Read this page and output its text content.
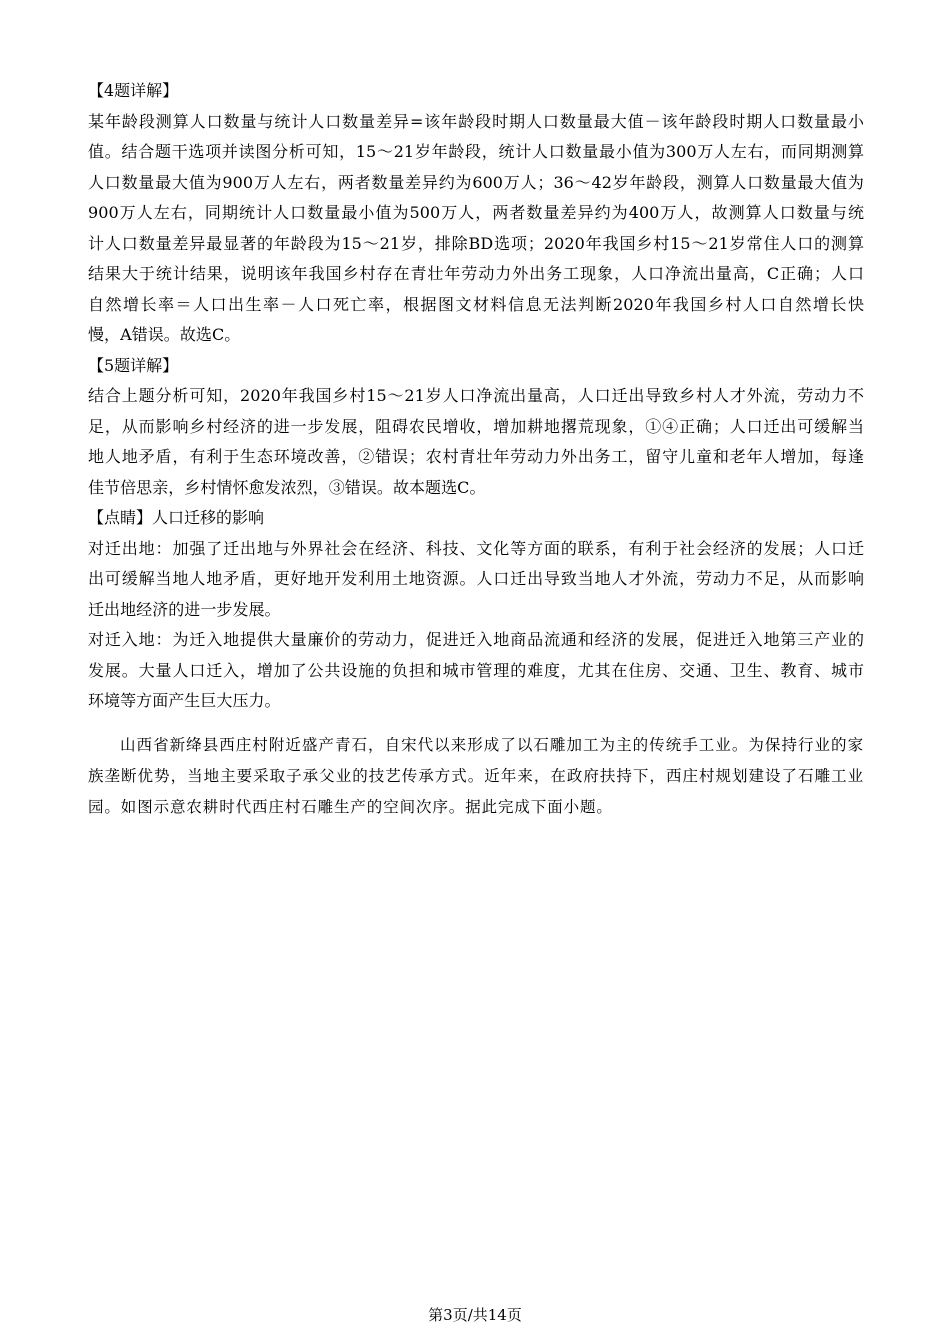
【4题详解】
某年龄段测算人口数量与统计人口数量差异=该年龄段时期人口数量最大值－该年龄段时期人口数量最小
值。结合题干选项并读图分析可知，15～21岁年龄段，统计人口数量最小值为300万人左右，而同期测算
人口数量最大值为900万人左右，两者数量差异约为600万人；36～42岁年龄段，测算人口数量最大值为
900万人左右，同期统计人口数量最小值为500万人，两者数量差异约为400万人，故测算人口数量与统
计人口数量差异最显著的年龄段为15～21岁，排除BD选项；2020年我国乡村15～21岁常住人口的测算
结果大于统计结果，说明该年我国乡村存在青壮年劳动力外出务工现象，人口净流出量高，C正确；人口
自然增长率＝人口出生率－人口死亡率，根据图文材料信息无法判断2020年我国乡村人口自然增长快
慢，A错误。故选C。
【5题详解】
结合上题分析可知，2020年我国乡村15～21岁人口净流出量高，人口迁出导致乡村人才外流，劳动力不
足，从而影响乡村经济的进一步发展，阻碍农民增收，增加耕地撂荒现象，①④正确；人口迁出可缓解当
地人地矛盾，有利于生态环境改善，②错误；农村青壮年劳动力外出务工，留守儿童和老年人增加，每逢
佳节倍思亲，乡村情怀愈发浓烈，③错误。故本题选C。
【点睛】人口迁移的影响
对迁出地：加强了迁出地与外界社会在经济、科技、文化等方面的联系，有利于社会经济的发展；人口迁
出可缓解当地人地矛盾，更好地开发利用土地资源。人口迁出导致当地人才外流，劳动力不足，从而影响
迁出地经济的进一步发展。
对迁入地：为迁入地提供大量廉价的劳动力，促进迁入地商品流通和经济的发展，促进迁入地第三产业的
发展。大量人口迁入，增加了公共设施的负担和城市管理的难度，尤其在住房、交通、卫生、教育、城市
环境等方面产生巨大压力。
山西省新绛县西庄村附近盛产青石，自宋代以来形成了以石雕加工为主的传统手工业。为保持行业的家族垄断优势，当地主要采取子承父业的技艺传承方式。近年来，在政府扶持下，西庄村规划建设了石雕工业园。如图示意农耕时代西庄村石雕生产的空间次序。据此完成下面小题。
第3页/共14页
